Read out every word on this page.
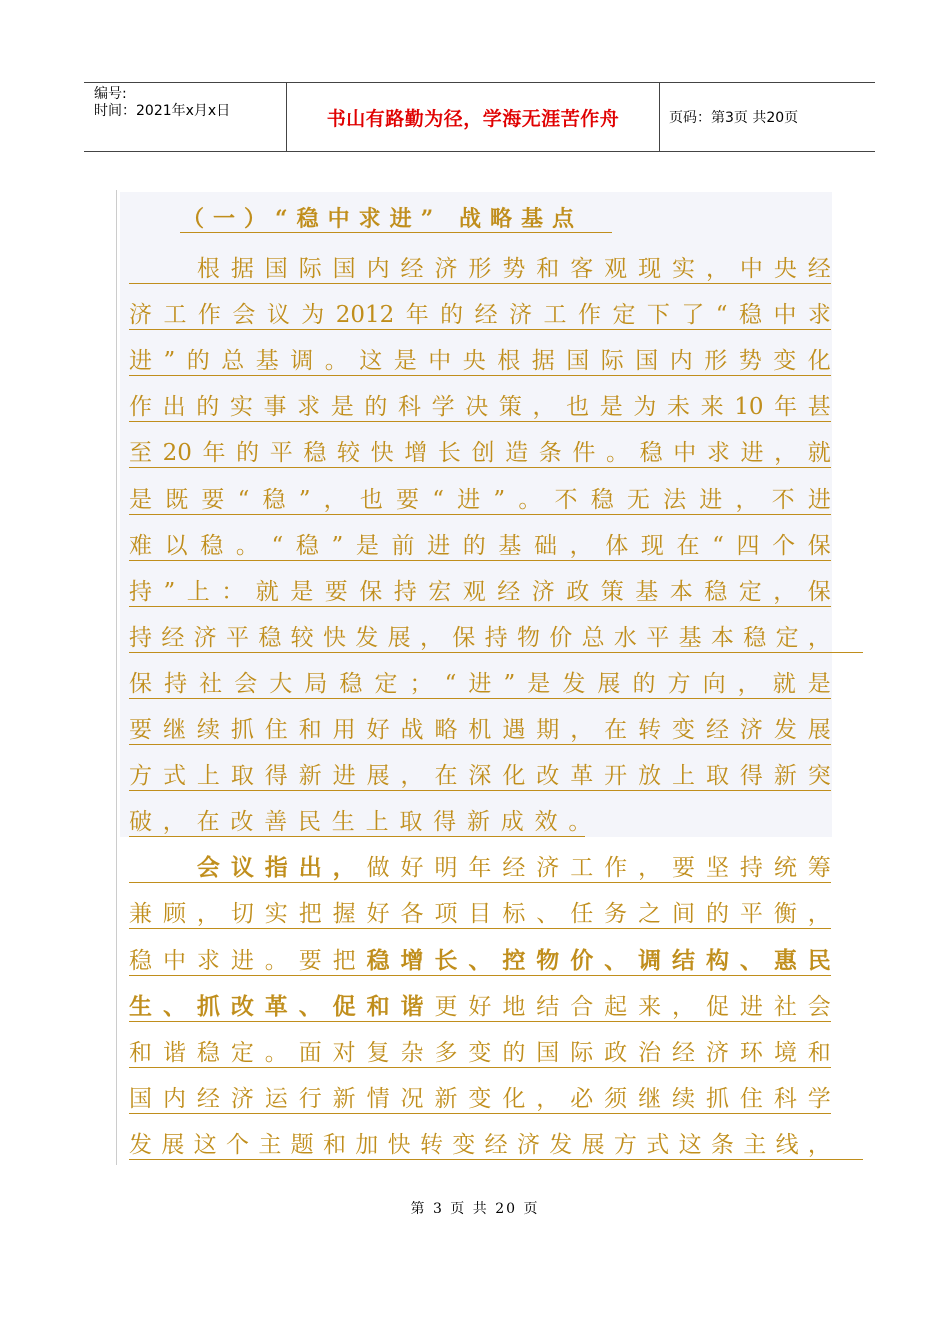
编号:
时间：2021年x月x日	书山有路勤为径，学海无涯苦作舟	页码：第3页 共20页
（一）“稳中求进” 战略基点

根 据 国 际 国 内 经 济 形 势 和 客 观 现 实 ， 中 央 经
济 工 作 会 议 为 2012 年 的 经 济 工 作 定 下 了 “ 稳 中 求
进 ” 的 总 基 调 。 这 是 中 央 根 据 国 际 国 内 形 势 变 化
作 出 的 实 事 求 是 的 科 学 决 策 ， 也 是 为 未 来 10 年 甚
至 20 年 的 平 稳 较 快 增 长 创 造 条 件 。 稳 中 求 进 ， 就
是 既 要 “ 稳 ” ， 也 要 “ 进 ” 。 不 稳 无 法 进 ， 不 进
难 以 稳 。 “ 稳 ” 是 前 进 的 基 础 ， 体 现 在 “ 四 个 保
持 ” 上 ： 就 是 要 保 持 宏 观 经 济 政 策 基 本 稳 定 ， 保
持 经 济 平 稳 较 快 发 展 ， 保 持 物 价 总 水 平 基 本 稳 定 ，
保 持 社 会 大 局 稳 定 ； “ 进 ” 是 发 展 的 方 向 ， 就 是
要 继 续 抓 住 和 用 好 战 略 机 遇 期 ， 在 转 变 经 济 发 展
方 式 上 取 得 新 进 展 ， 在 深 化 改 革 开 放 上 取 得 新 突
破 ， 在 改 善 民 生 上 取 得 新 成 效 。

会 议 指 出 ， 做 好 明 年 经 济 工 作 ， 要 坚 持 统 筹
兼 顾 ， 切 实 把 握 好 各 项 目 标 、 任 务 之 间 的 平 衡 ，
稳 中 求 进 。 要 把 稳 增 长 、 控 物 价 、 调 结 构 、 惠 民
生 、 抓 改 革 、 促 和 谐 更 好 地 结 合 起 来 ， 促 进 社 会
和 谐 稳 定 。 面 对 复 杂 多 变 的 国 际 政 治 经 济 环 境 和
国 内 经 济 运 行 新 情 况 新 变 化 ， 必 须 继 续 抓 住 科 学
发 展 这 个 主 题 和 加 快 转 变 经 济 发 展 方 式 这 条 主 线 ，
第 3 页 共 20 页
